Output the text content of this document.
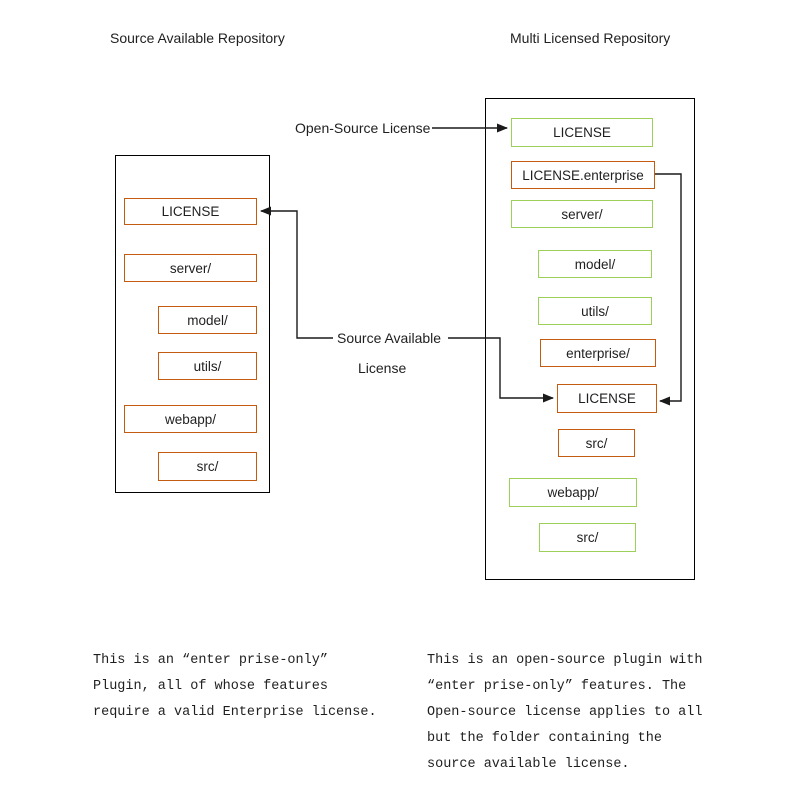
Source Available Repository	Multi Licensed Repository
LICENSE
server/
model/
utils/
webapp/
src/
LICENSE
LICENSE.enterprise
server/
model/
utils/
enterprise/
LICENSE
src/
webapp/
src/
Open-Source License
Source Available
License
This is an “enter prise-only”
Plugin, all of whose features
require a valid Enterprise license.
This is an open-source plugin with
“enter prise-only” features. The
Open-source license applies to all
but the folder containing the
source available license.
